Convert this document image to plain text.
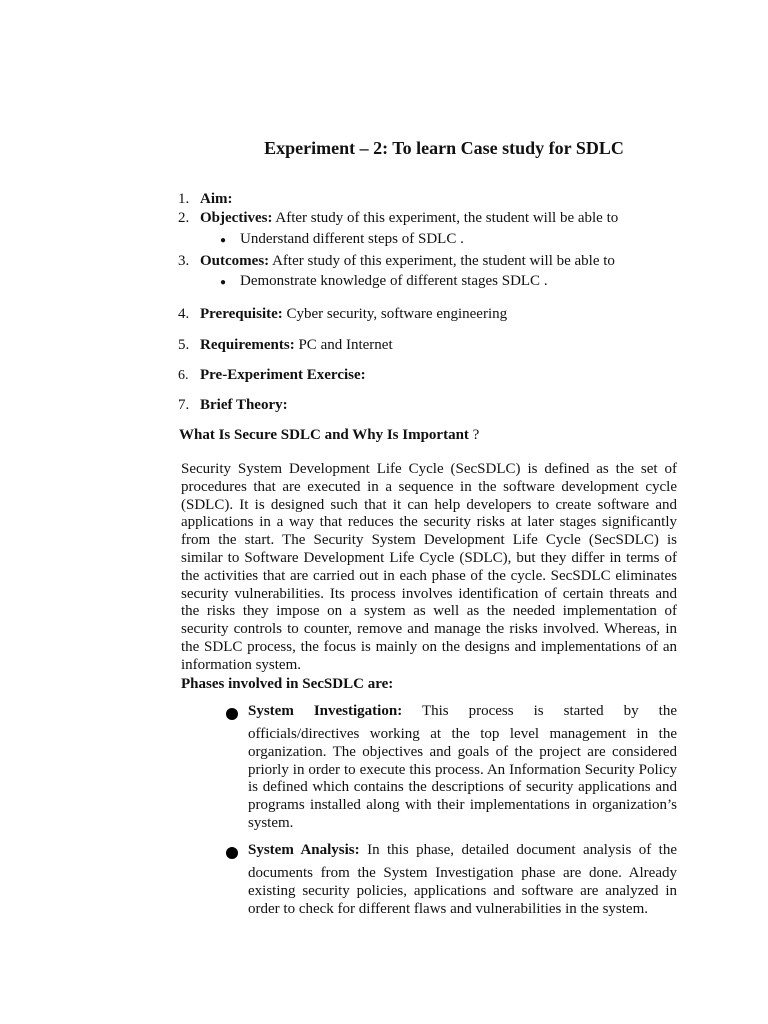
Experiment – 2: To learn Case study for SDLC
1. Aim:
2. Objectives: After study of this experiment, the student will be able to
● Understand different steps of SDLC .
3. Outcomes: After study of this experiment, the student will be able to
● Demonstrate knowledge of different stages SDLC .
4. Prerequisite: Cyber security, software engineering
5. Requirements: PC and Internet
6. Pre-Experiment Exercise:
7. Brief Theory:
What Is Secure SDLC and Why Is Important ?
Security System Development Life Cycle (SecSDLC) is defined as the set of procedures that are executed in a sequence in the software development cycle (SDLC). It is designed such that it can help developers to create software and applications in a way that reduces the security risks at later stages significantly from the start. The Security System Development Life Cycle (SecSDLC) is similar to Software Development Life Cycle (SDLC), but they differ in terms of the activities that are carried out in each phase of the cycle. SecSDLC eliminates security vulnerabilities. Its process involves identification of certain threats and the risks they impose on a system as well as the needed implementation of security controls to counter, remove and manage the risks involved. Whereas, in the SDLC process, the focus is mainly on the designs and implementations of an information system.
Phases involved in SecSDLC are:
System Investigation: This process is started by the
officials/directives working at the top level management in the organization. The objectives and goals of the project are considered priorly in order to execute this process. An Information Security Policy is defined which contains the descriptions of security applications and programs installed along with their implementations in organization’s system.
System Analysis: In this phase, detailed document analysis of the
documents from the System Investigation phase are done. Already existing security policies, applications and software are analyzed in order to check for different flaws and vulnerabilities in the system.
